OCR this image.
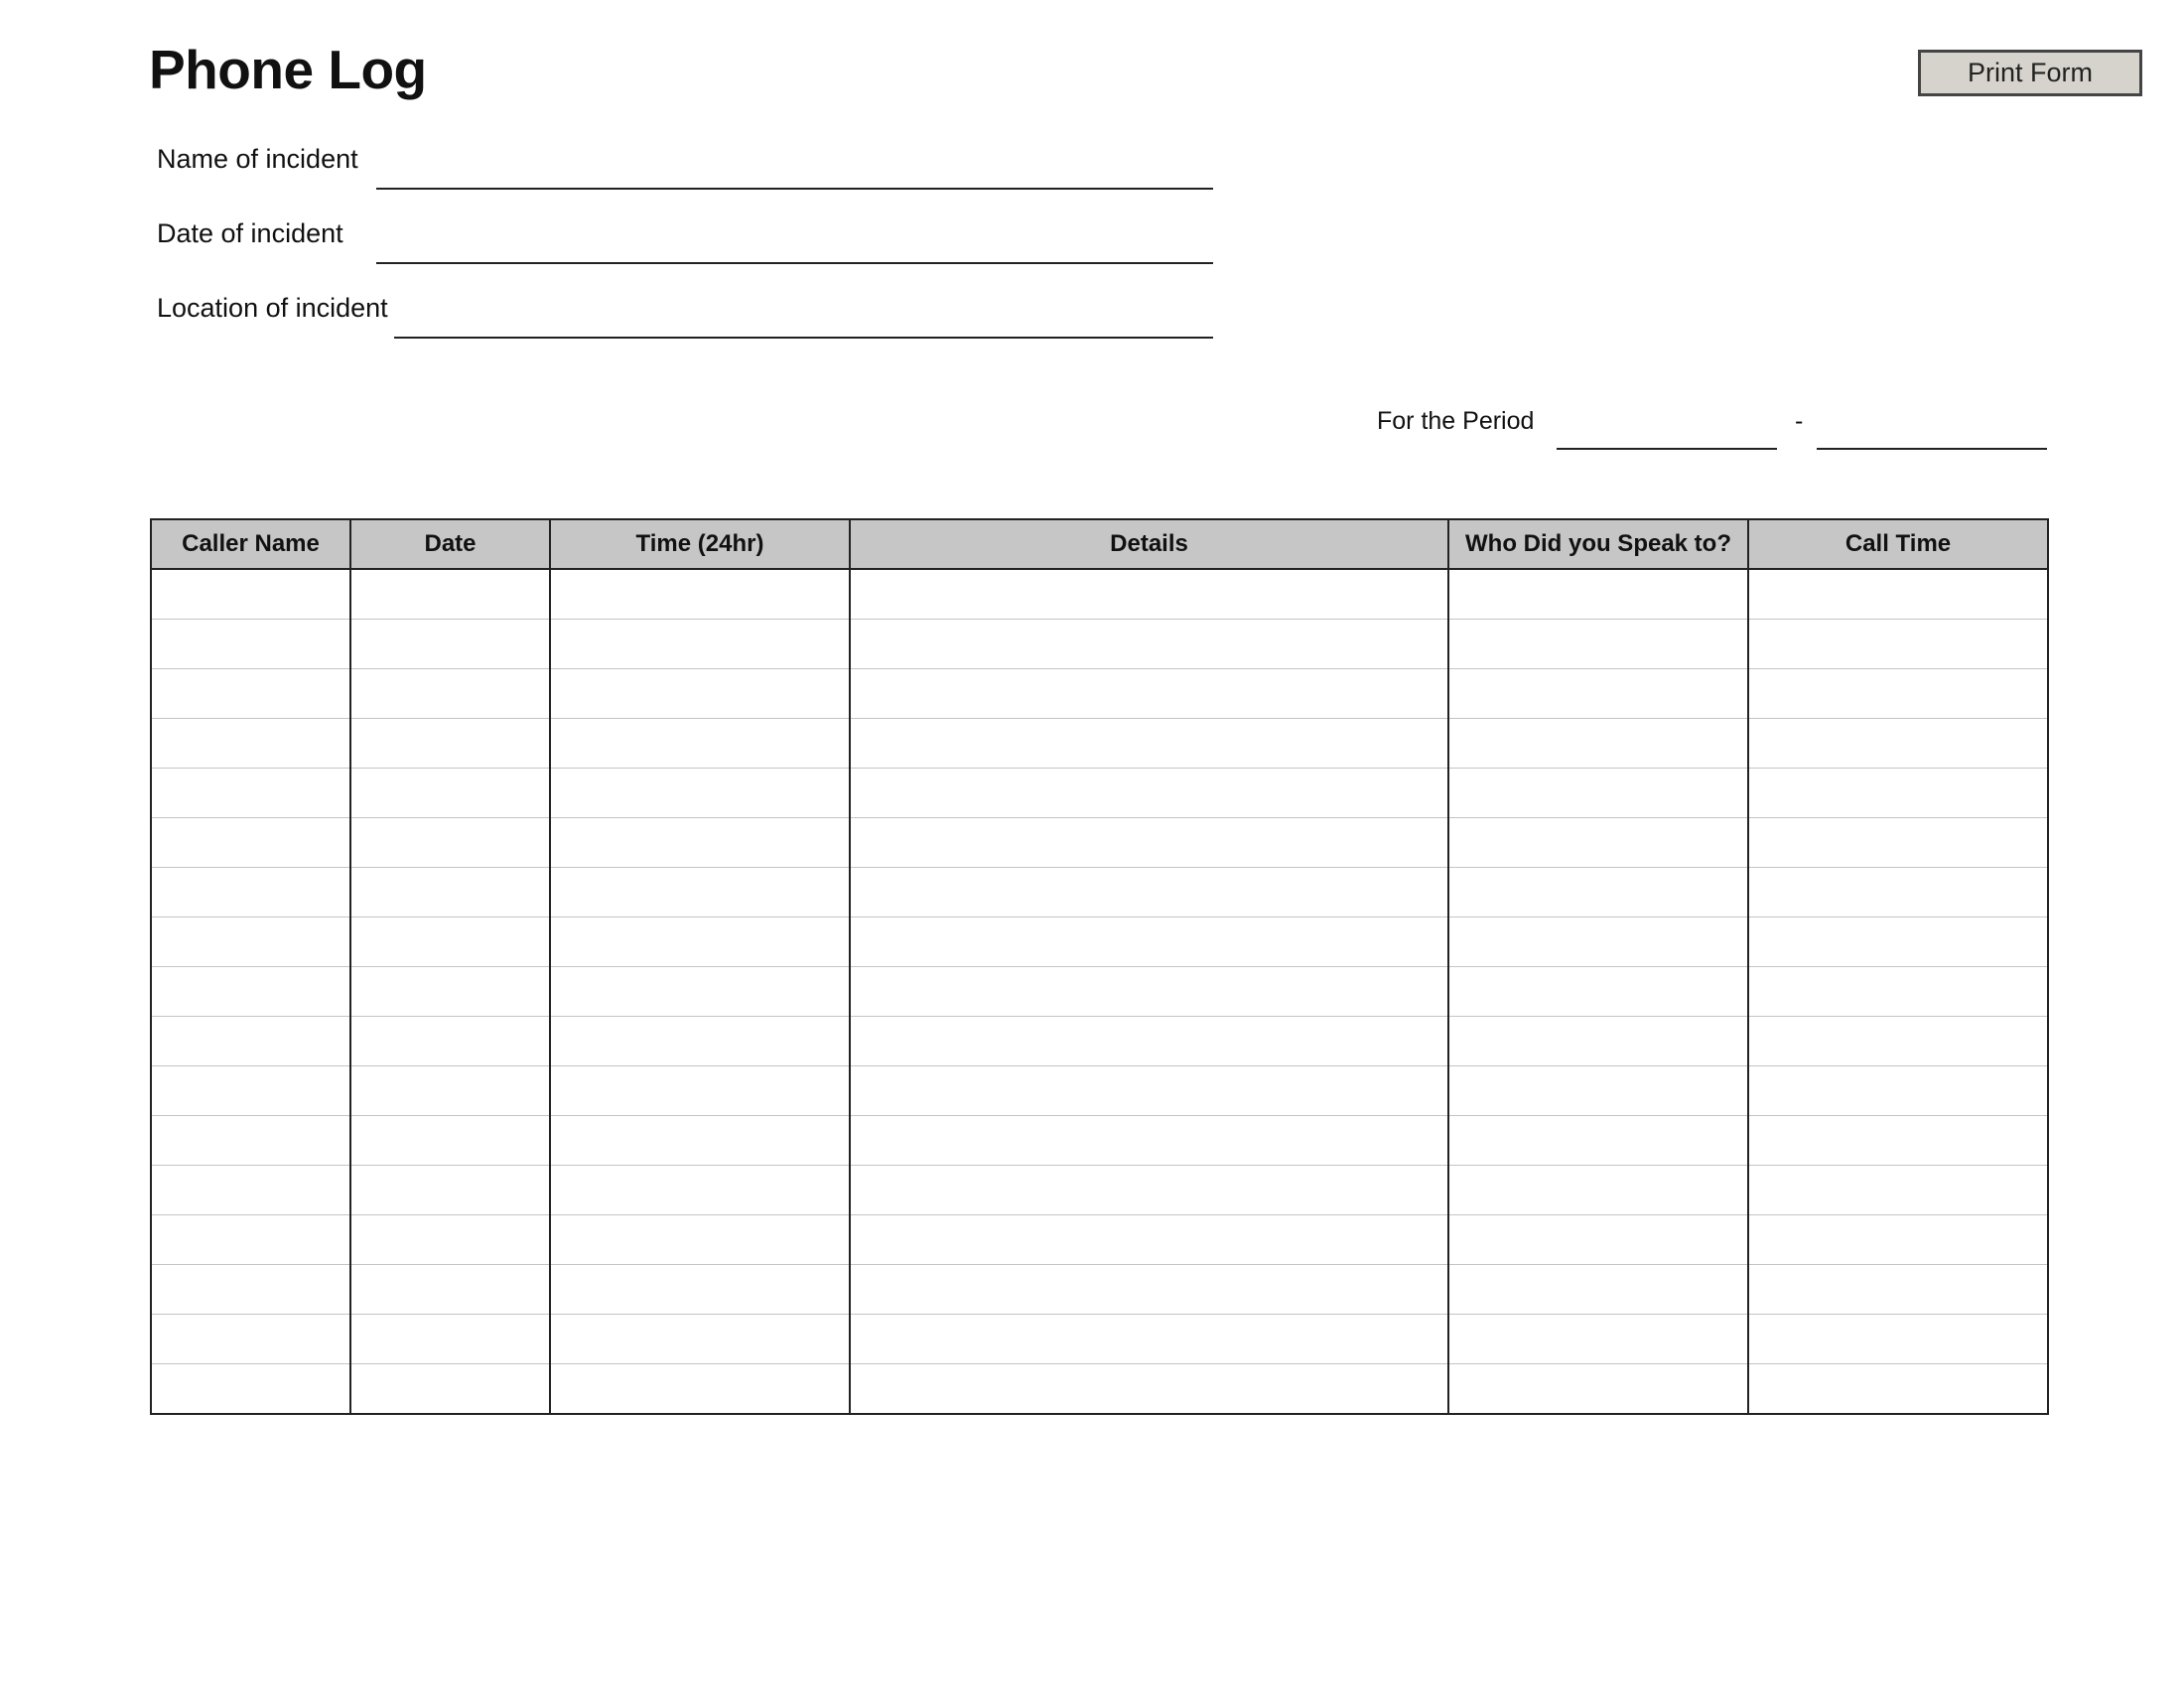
Phone Log	Print Form
Name of incident
Date of incident
Location of incident
For the Period	-
Caller Name	Date	Time (24hr)	Details	Who Did you Speak to?	Call Time
